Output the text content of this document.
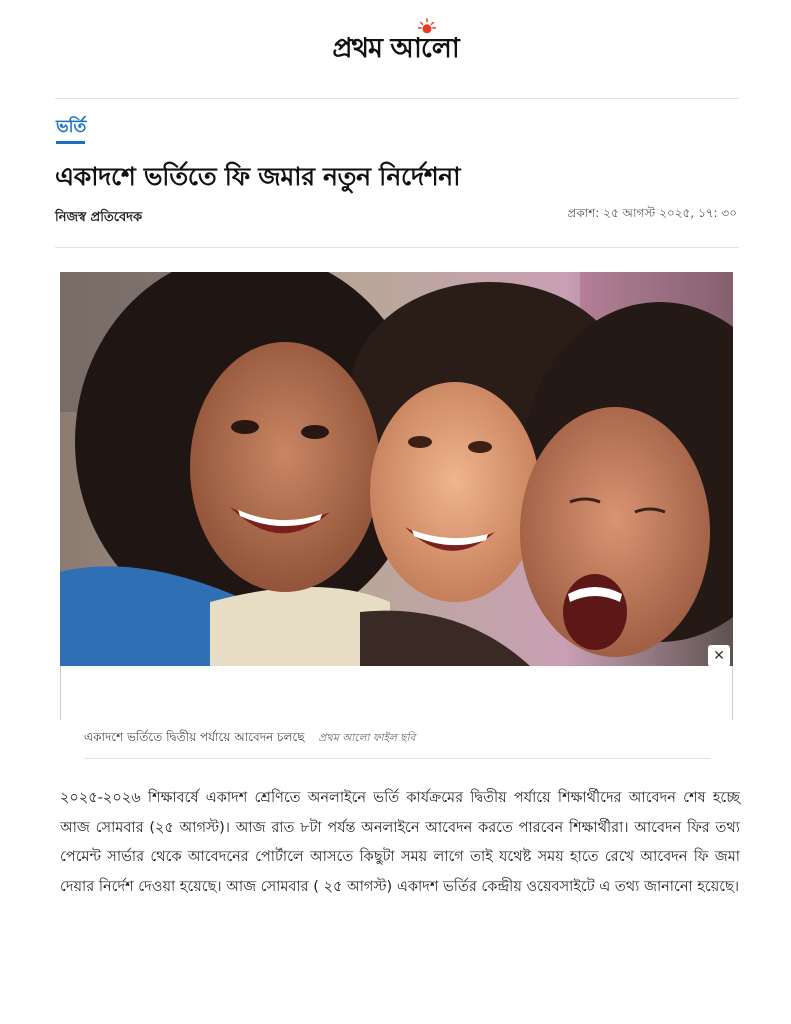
প্রথম আলো
ভর্তি
একাদশে ভর্তিতে ফি জমার নতুন নির্দেশনা
নিজস্ব প্রতিবেদক	প্রকাশ: ২৫ আগস্ট ২০২৫, ১৭: ৩০
✕
একাদশে ভর্তিতে দ্বিতীয় পর্যায়ে আবেদন চলছে প্রথম আলো ফাইল ছবি

২০২৫-২০২৬ শিক্ষাবর্ষে একাদশ শ্রেণিতে অনলাইনে ভর্তি কার্যক্রমের দ্বিতীয় পর্যায়ে শিক্ষার্থীদের আবেদন শেষ হচ্ছে আজ সোমবার (২৫ আগস্ট)। আজ রাত ৮টা পর্যন্ত অনলাইনে আবেদন করতে পারবেন শিক্ষার্থীরা। আবেদন ফির তথ্য পেমেন্ট সার্ভার থেকে আবেদনের পোর্টালে আসতে কিছুটা সময় লাগে তাই যথেষ্ট সময় হাতে রেখে আবেদন ফি জমা দেয়ার নির্দেশ দেওয়া হয়েছে। আজ সোমবার ( ২৫ আগস্ট) একাদশ ভর্তির কেন্দ্রীয় ওয়েবসাইটে এ তথ্য জানানো হয়েছে।
